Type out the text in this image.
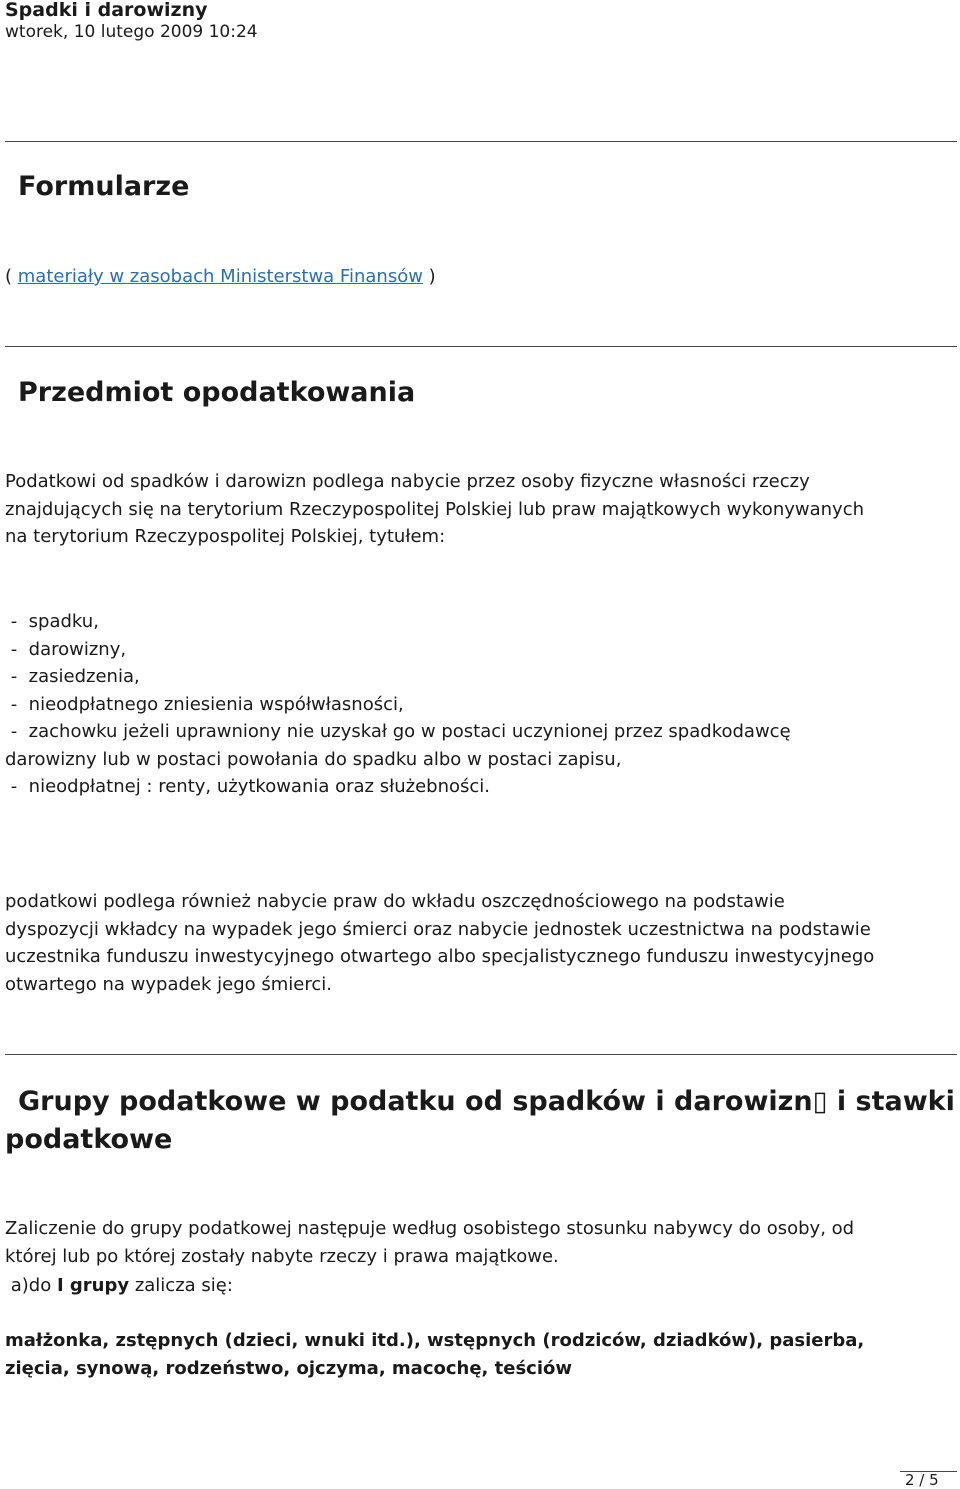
Spadki i darowizny
wtorek, 10 lutego 2009 10:24
Formularze
( materiały w zasobach Ministerstwa Finansów )
Przedmiot opodatkowania
Podatkowi od spadków i darowizn podlega nabycie przez osoby fizyczne własności rzeczy
znajdujących się na terytorium Rzeczypospolitej Polskiej lub praw majątkowych wykonywanych
na terytorium Rzeczypospolitej Polskiej, tytułem:
-  spadku,
-  darowizny,
-  zasiedzenia,
-  nieodpłatnego zniesienia współwłasności,
-  zachowku jeżeli uprawniony nie uzyskał go w postaci uczynionej przez spadkodawcę
darowizny lub w postaci powołania do spadku albo w postaci zapisu,
-  nieodpłatnej : renty, użytkowania oraz służebności.
podatkowi podlega również nabycie praw do wkładu oszczędnościowego na podstawie
dyspozycji wkładcy na wypadek jego śmierci oraz nabycie jednostek uczestnictwa na podstawie
uczestnika funduszu inwestycyjnego otwartego albo specjalistycznego funduszu inwestycyjnego
otwartego na wypadek jego śmierci.
Grupy podatkowe w podatku od spadków i darowizn▯ i stawki
podatkowe
Zaliczenie do grupy podatkowej następuje według osobistego stosunku nabywcy do osoby, od
której lub po której zostały nabyte rzeczy i prawa majątkowe.
a)do I grupy zalicza się:
małżonka, zstępnych (dzieci, wnuki itd.), wstępnych (rodziców, dziadków), pasierba,
zięcia, synową, rodzeństwo, ojczyma, macochę, teściów
2 / 5
